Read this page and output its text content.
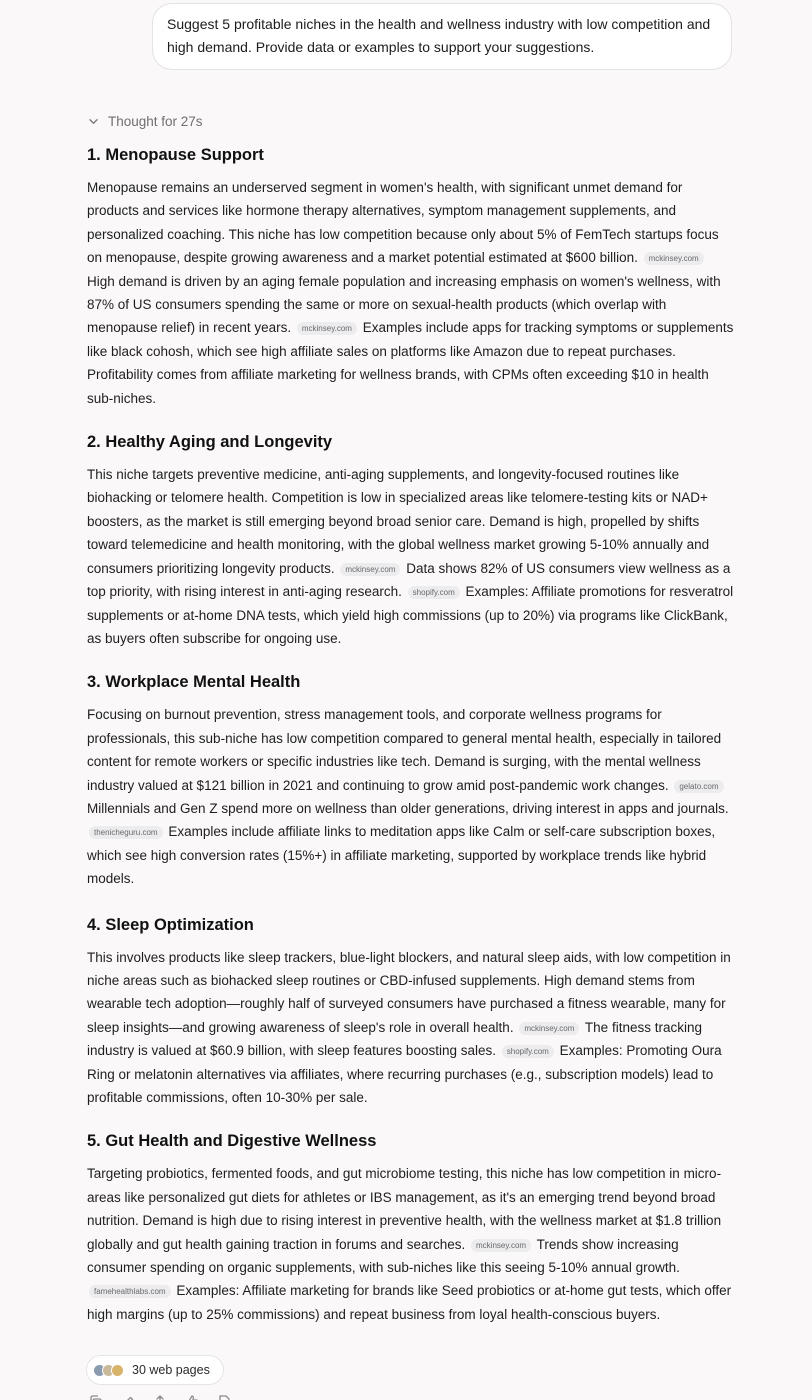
Suggest 5 profitable niches in the health and wellness industry with low competition and high demand. Provide data or examples to support your suggestions.
Thought for 27s
1. Menopause Support

Menopause remains an underserved segment in women's health, with significant unmet demand for products and services like hormone therapy alternatives, symptom management supplements, and personalized coaching. This niche has low competition because only about 5% of FemTech startups focus on menopause, despite growing awareness and a market potential estimated at $600 billion. mckinsey.com High demand is driven by an aging female population and increasing emphasis on women's wellness, with 87% of US consumers spending the same or more on sexual-health products (which overlap with menopause relief) in recent years. mckinsey.com Examples include apps for tracking symptoms or supplements like black cohosh, which see high affiliate sales on platforms like Amazon due to repeat purchases. Profitability comes from affiliate marketing for wellness brands, with CPMs often exceeding $10 in health sub-niches.

2. Healthy Aging and Longevity

This niche targets preventive medicine, anti-aging supplements, and longevity-focused routines like biohacking or telomere health. Competition is low in specialized areas like telomere-testing kits or NAD+ boosters, as the market is still emerging beyond broad senior care. Demand is high, propelled by shifts toward telemedicine and health monitoring, with the global wellness market growing 5-10% annually and consumers prioritizing longevity products. mckinsey.com Data shows 82% of US consumers view wellness as a top priority, with rising interest in anti-aging research. shopify.com Examples: Affiliate promotions for resveratrol supplements or at-home DNA tests, which yield high commissions (up to 20%) via programs like ClickBank, as buyers often subscribe for ongoing use.

3. Workplace Mental Health

Focusing on burnout prevention, stress management tools, and corporate wellness programs for professionals, this sub-niche has low competition compared to general mental health, especially in tailored content for remote workers or specific industries like tech. Demand is surging, with the mental wellness industry valued at $121 billion in 2021 and continuing to grow amid post-pandemic work changes. gelato.com Millennials and Gen Z spend more on wellness than older generations, driving interest in apps and journals. thenicheguru.com Examples include affiliate links to meditation apps like Calm or self-care subscription boxes, which see high conversion rates (15%+) in affiliate marketing, supported by workplace trends like hybrid models.

4. Sleep Optimization

This involves products like sleep trackers, blue-light blockers, and natural sleep aids, with low competition in niche areas such as biohacked sleep routines or CBD-infused supplements. High demand stems from wearable tech adoption—roughly half of surveyed consumers have purchased a fitness wearable, many for sleep insights—and growing awareness of sleep's role in overall health. mckinsey.com The fitness tracking industry is valued at $60.9 billion, with sleep features boosting sales. shopify.com Examples: Promoting Oura Ring or melatonin alternatives via affiliates, where recurring purchases (e.g., subscription models) lead to profitable commissions, often 10-30% per sale.

5. Gut Health and Digestive Wellness

Targeting probiotics, fermented foods, and gut microbiome testing, this niche has low competition in micro-areas like personalized gut diets for athletes or IBS management, as it's an emerging trend beyond broad nutrition. Demand is high due to rising interest in preventive health, with the wellness market at $1.8 trillion globally and gut health gaining traction in forums and searches. mckinsey.com Trends show increasing consumer spending on organic supplements, with sub-niches like this seeing 5-10% annual growth. famehealthlabs.com Examples: Affiliate marketing for brands like Seed probiotics or at-home gut tests, which offer high margins (up to 25% commissions) and repeat business from loyal health-conscious buyers.

30 web pages
